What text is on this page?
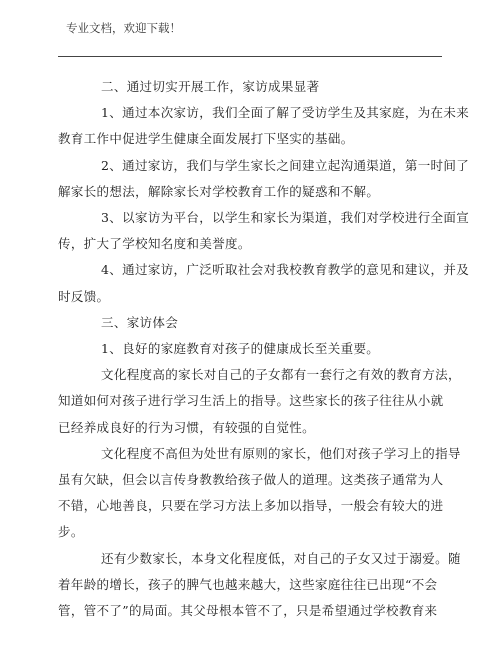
专业文档，欢迎下载！

二、通过切实开展工作，家访成果显著

1、通过本次家访，我们全面了解了受访学生及其家庭，为在未来
教育工作中促进学生健康全面发展打下坚实的基础。

2、通过家访，我们与学生家长之间建立起沟通渠道，第一时间了
解家长的想法，解除家长对学校教育工作的疑惑和不解。

3、以家访为平台，以学生和家长为渠道，我们对学校进行全面宣
传，扩大了学校知名度和美誉度。

4、通过家访，广泛听取社会对我校教育教学的意见和建议，并及
时反馈。

三、家访体会

1、良好的家庭教育对孩子的健康成长至关重要。

文化程度高的家长对自己的子女都有一套行之有效的教育方法，
知道如何对孩子进行学习生活上的指导。这些家长的孩子往往从小就
已经养成良好的行为习惯，有较强的自觉性。

文化程度不高但为处世有原则的家长，他们对孩子学习上的指导
虽有欠缺，但会以言传身教教给孩子做人的道理。这类孩子通常为人
不错，心地善良，只要在学习方法上多加以指导，一般会有较大的进
步。

还有少数家长，本身文化程度低，对自己的子女又过于溺爱。随
着年龄的增长，孩子的脾气也越来越大，这些家庭往往已出现“不会
管，管不了”的局面。其父母根本管不了，只是希望通过学校教育来
